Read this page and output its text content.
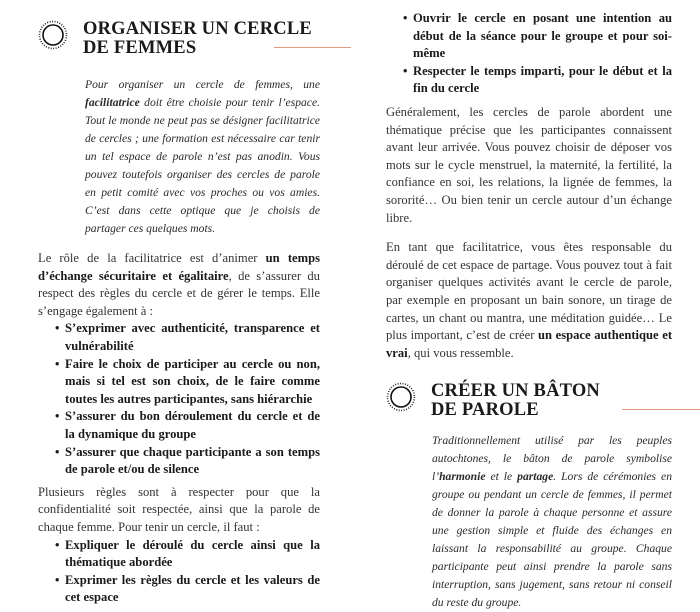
ORGANISER UN CERCLE
DE FEMMES

Pour organiser un cercle de femmes, une facilitatrice doit être choisie pour tenir l’espace. Tout le monde ne peut pas se désigner facilitatrice de cercles ; une formation est nécessaire car tenir un tel espace de parole n’est pas anodin. Vous pouvez toutefois organiser des cercles de parole en petit comité avec vos proches ou vos amies. C’est dans cette optique que je choisis de partager ces quelques mots.

Le rôle de la facilitatrice est d’animer un temps d’échange sécuritaire et égalitaire, de s’assurer du respect des règles du cercle et de gérer le temps. Elle s’engage également à :

• S’exprimer avec authenticité, transparence et vulnérabilité
• Faire le choix de participer au cercle ou non, mais si tel est son choix, de le faire comme toutes les autres participantes, sans hiérarchie
• S’assurer du bon déroulement du cercle et de la dynamique du groupe
• S’assurer que chaque participante a son temps de parole et/ou de silence

Plusieurs règles sont à respecter pour que la confidentialité soit respectée, ainsi que la parole de chaque femme. Pour tenir un cercle, il faut :

• Expliquer le déroulé du cercle ainsi que la thématique abordée
• Exprimer les règles du cercle et les valeurs de cet espace
• Ouvrir le cercle en posant une intention au début de la séance pour le groupe et pour soi-même
• Respecter le temps imparti, pour le début et la fin du cercle

Généralement, les cercles de parole abordent une thématique précise que les participantes connaissent avant leur arrivée. Vous pouvez choisir de déposer vos mots sur le cycle menstruel, la maternité, la fertilité, la confiance en soi, les relations, la lignée de femmes, la sororité… Ou bien tenir un cercle autour d’un échange libre.

En tant que facilitatrice, vous êtes responsable du déroulé de cet espace de partage. Vous pouvez tout à fait organiser quelques activités avant le cercle de parole, par exemple en proposant un bain sonore, un tirage de cartes, un chant ou mantra, une méditation guidée… Le plus important, c’est de créer un espace authentique et vrai, qui vous ressemble.

CRÉER UN BÂTON
DE PAROLE

Traditionnellement utilisé par les peuples autochtones, le bâton de parole symbolise l’harmonie et le partage. Lors de cérémonies en groupe ou pendant un cercle de femmes, il permet de donner la parole à chaque personne et assure une gestion simple et fluide des échanges en laissant la responsabilité au groupe. Chaque participante peut ainsi prendre la parole sans interruption, sans jugement, sans retour ni conseil du reste du groupe.
